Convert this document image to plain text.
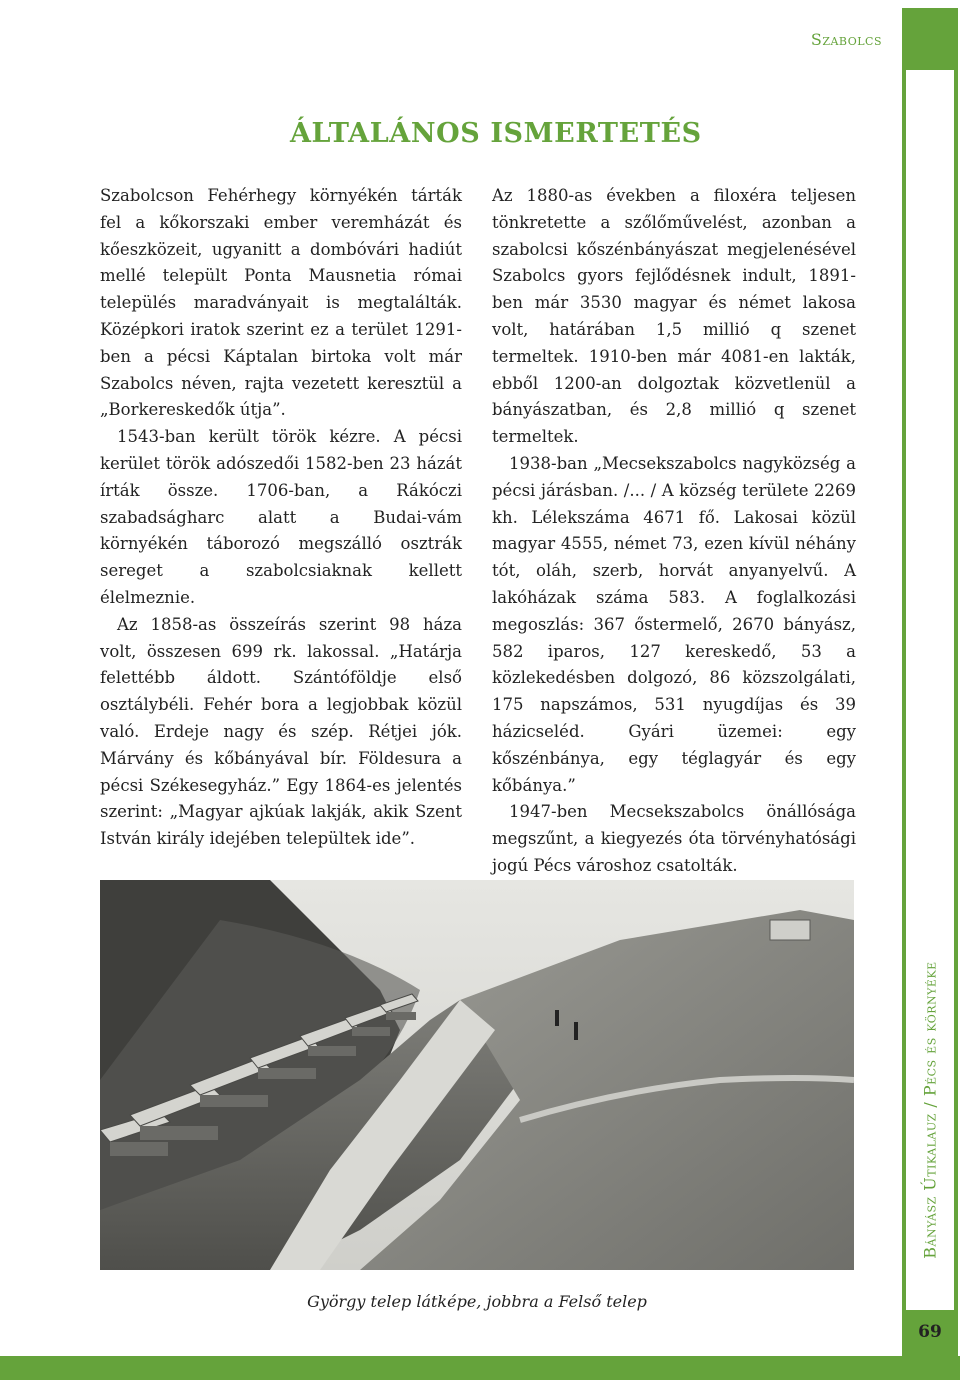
Szabolcs
Bányász Útikalauz / Pécs és környéke
69
ÁLTALÁNOS ISMERTETÉS

Szabolcson Fehérhegy környékén tárták fel a kőkorszaki ember veremházát és kőeszközeit, ugyanitt a dombóvári hadiút mellé települt Ponta Mausnetia római település maradványait is megtalálták. Középkori iratok szerint ez a terület 1291-ben a pécsi Káptalan birtoka volt már Szabolcs néven, rajta vezetett keresztül a „Borkereskedők útja”.

1543-ban került török kézre. A pécsi kerület török adószedői 1582-ben 23 házát írták össze. 1706-ban, a Rákóczi szabadságharc alatt a Budai-vám környékén táborozó megszálló osztrák sereget a szabolcsiaknak kellett élelmeznie.

Az 1858-as összeírás szerint 98 háza volt, összesen 699 rk. lakossal. „Határja felettébb áldott. Szántóföldje első osztálybéli. Fehér bora a legjobbak közül való. Erdeje nagy és szép. Rétjei jók. Márvány és kőbányával bír. Földesura a pécsi Székesegyház.” Egy 1864-es jelentés szerint: „Magyar ajkúak lakják, akik Szent István király idejében települtek ide”.

Az 1880-as években a filoxéra teljesen tönkretette a szőlőművelést, azonban a szabolcsi kőszénbányászat megjelenésével Szabolcs gyors fejlődésnek indult, 1891-ben már 3530 magyar és német lakosa volt, határában 1,5 millió q szenet termeltek. 1910-ben már 4081-en lakták, ebből 1200-an dolgoztak közvetlenül a bányászatban, és 2,8 millió q szenet termeltek.

1938-ban „Mecsekszabolcs nagyközség a pécsi járásban. /... / A község területe 2269 kh. Lélekszáma 4671 fő. Lakosai közül magyar 4555, német 73, ezen kívül néhány tót, oláh, szerb, horvát anyanyelvű. A lakóházak száma 583. A foglalkozási megoszlás: 367 őstermelő, 2670 bányász, 582 iparos, 127 kereskedő, 53 a közlekedésben dolgozó, 86 közszolgálati, 175 napszámos, 531 nyugdíjas és 39 házicseléd. Gyári üzemei: egy kőszénbánya, egy téglagyár és egy kőbánya.”

1947-ben Mecsekszabolcs önállósága megszűnt, a kiegyezés óta törvényhatósági jogú Pécs városhoz csatolták.

György telep látképe, jobbra a Felső telep
